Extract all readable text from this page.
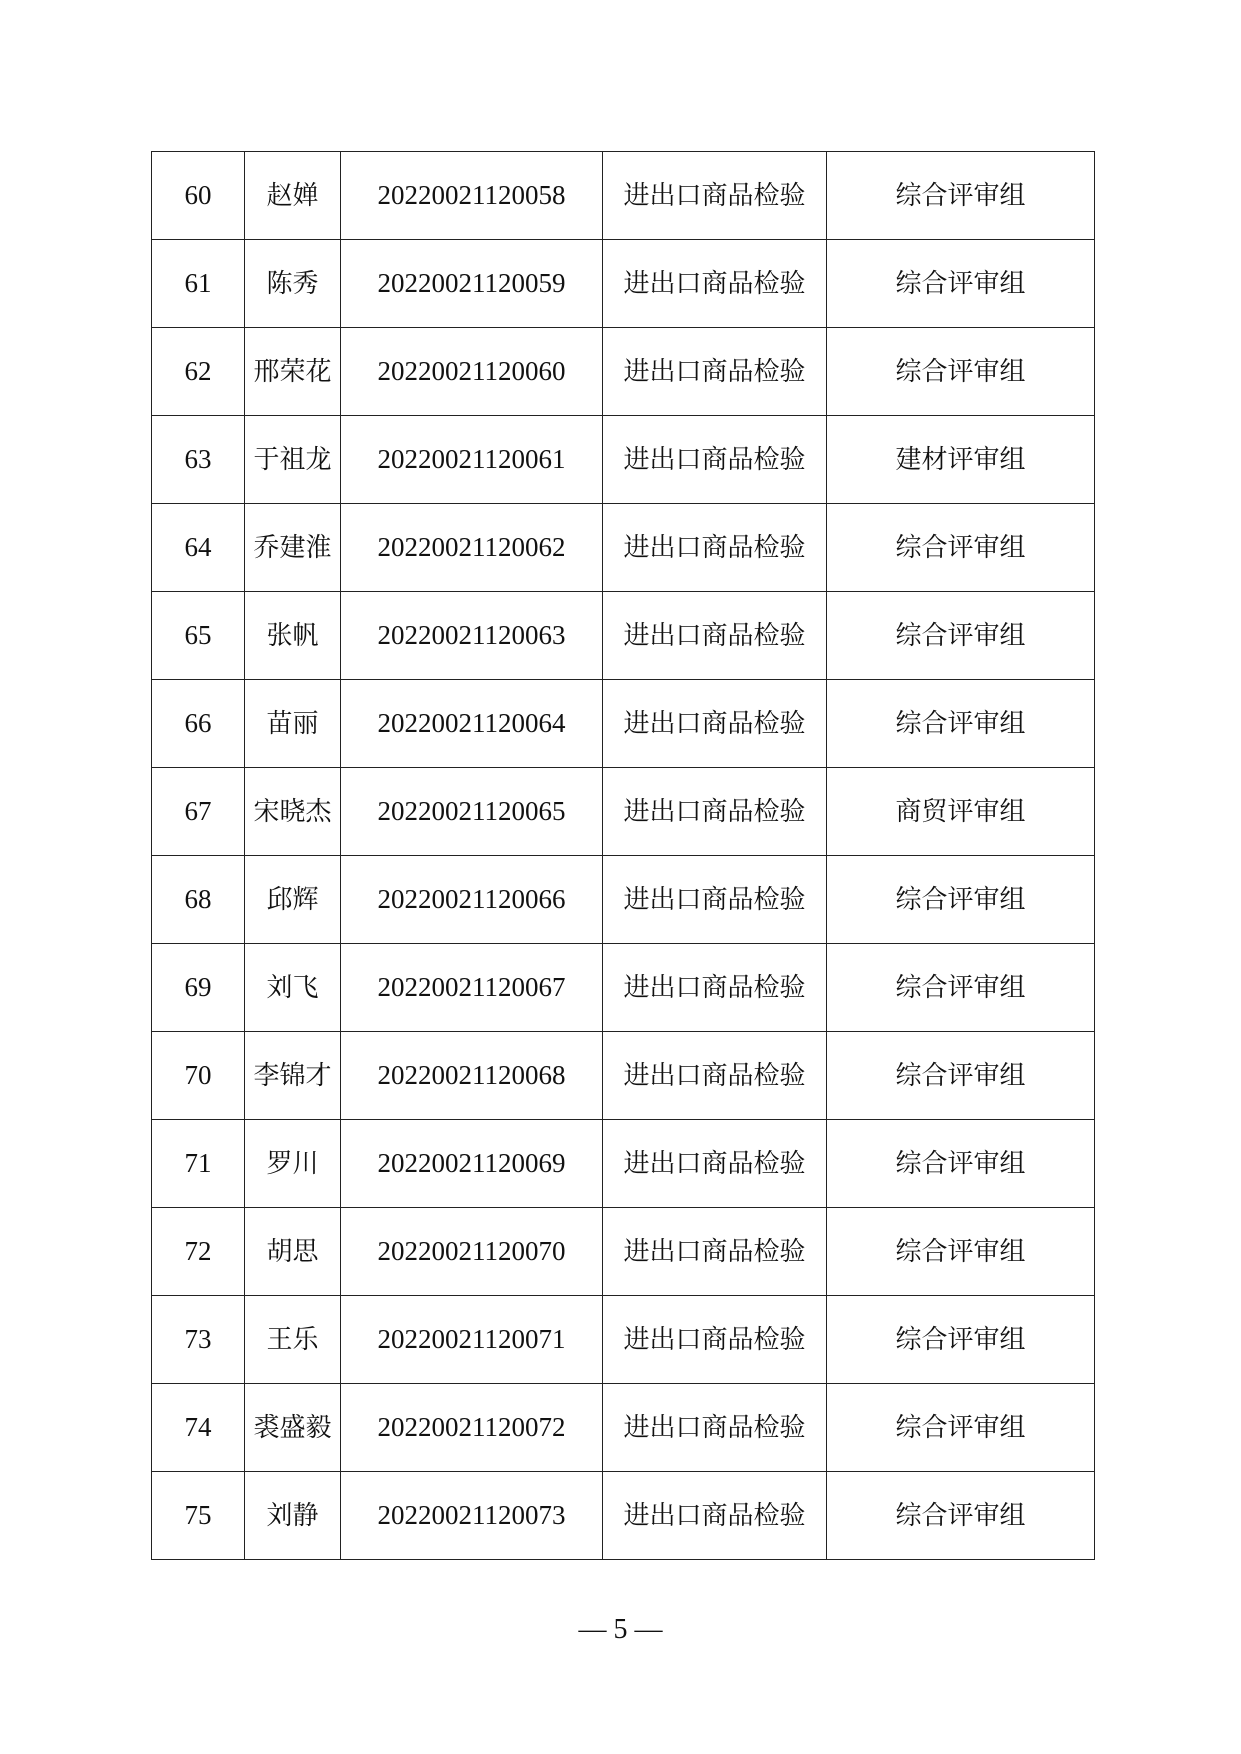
60	赵婵	20220021120058	进出口商品检验	综合评审组
61	陈秀	20220021120059	进出口商品检验	综合评审组
62	邢荣花	20220021120060	进出口商品检验	综合评审组
63	于祖龙	20220021120061	进出口商品检验	建材评审组
64	乔建淮	20220021120062	进出口商品检验	综合评审组
65	张帆	20220021120063	进出口商品检验	综合评审组
66	苗丽	20220021120064	进出口商品检验	综合评审组
67	宋晓杰	20220021120065	进出口商品检验	商贸评审组
68	邱辉	20220021120066	进出口商品检验	综合评审组
69	刘飞	20220021120067	进出口商品检验	综合评审组
70	李锦才	20220021120068	进出口商品检验	综合评审组
71	罗川	20220021120069	进出口商品检验	综合评审组
72	胡思	20220021120070	进出口商品检验	综合评审组
73	王乐	20220021120071	进出口商品检验	综合评审组
74	裘盛毅	20220021120072	进出口商品检验	综合评审组
75	刘静	20220021120073	进出口商品检验	综合评审组
— 5 —
